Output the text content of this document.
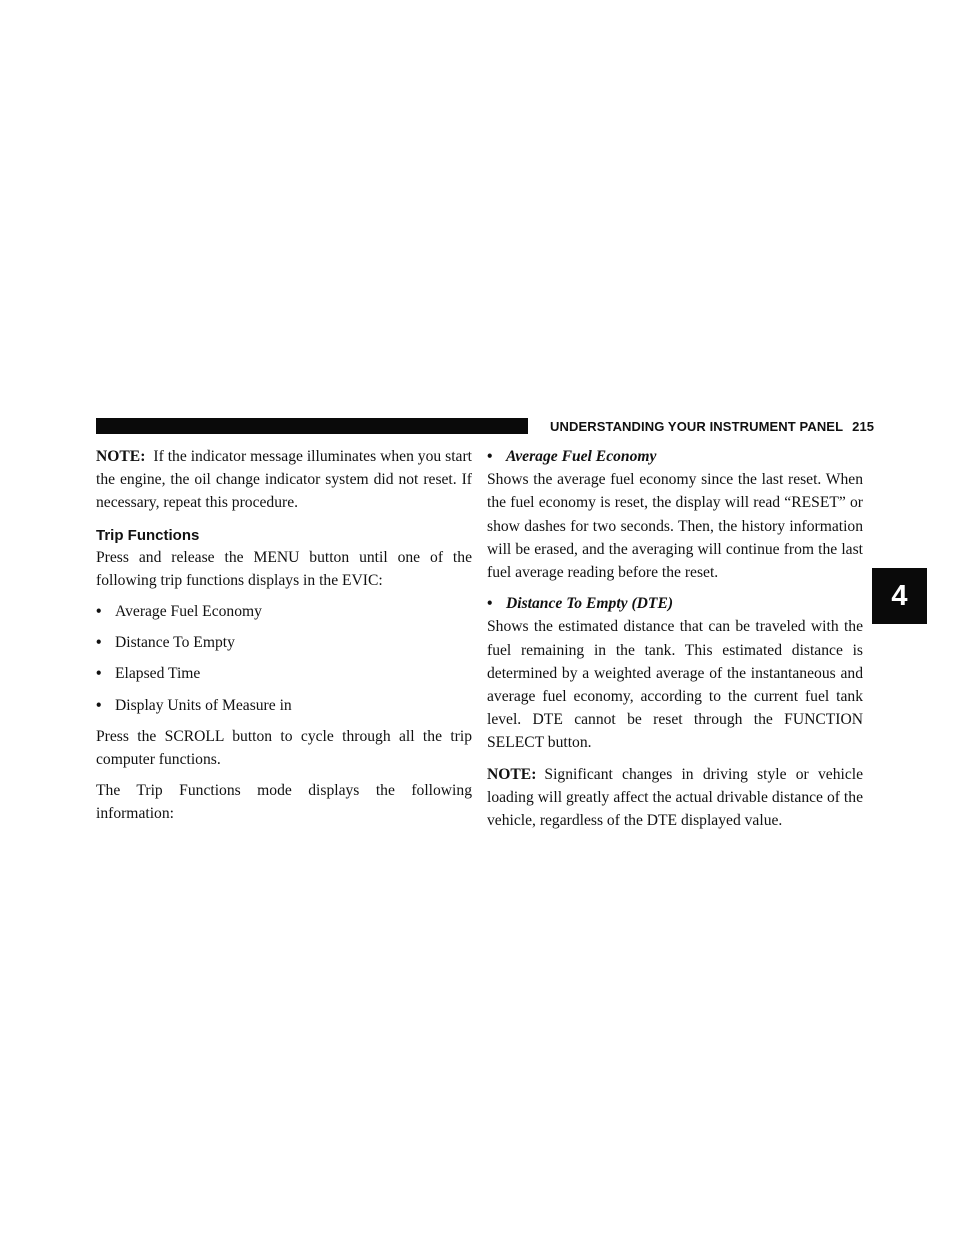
UNDERSTANDING YOUR INSTRUMENT PANEL 215
4

NOTE: If the indicator message illuminates when you start the engine, the oil change indicator system did not reset. If necessary, repeat this procedure.

Trip Functions

Press and release the MENU button until one of the following trip functions displays in the EVIC:

• Average Fuel Economy
• Distance To Empty
• Elapsed Time
• Display Units of Measure in

Press the SCROLL button to cycle through all the trip computer functions.

The Trip Functions mode displays the following information:

• Average Fuel Economy

Shows the average fuel economy since the last reset. When the fuel economy is reset, the display will read “RESET” or show dashes for two seconds. Then, the history information will be erased, and the averaging will continue from the last fuel average reading before the reset.

• Distance To Empty (DTE)

Shows the estimated distance that can be traveled with the fuel remaining in the tank. This estimated distance is determined by a weighted average of the instantaneous and average fuel economy, according to the current fuel tank level. DTE cannot be reset through the FUNCTION SELECT button.

NOTE: Significant changes in driving style or vehicle loading will greatly affect the actual drivable distance of the vehicle, regardless of the DTE displayed value.
